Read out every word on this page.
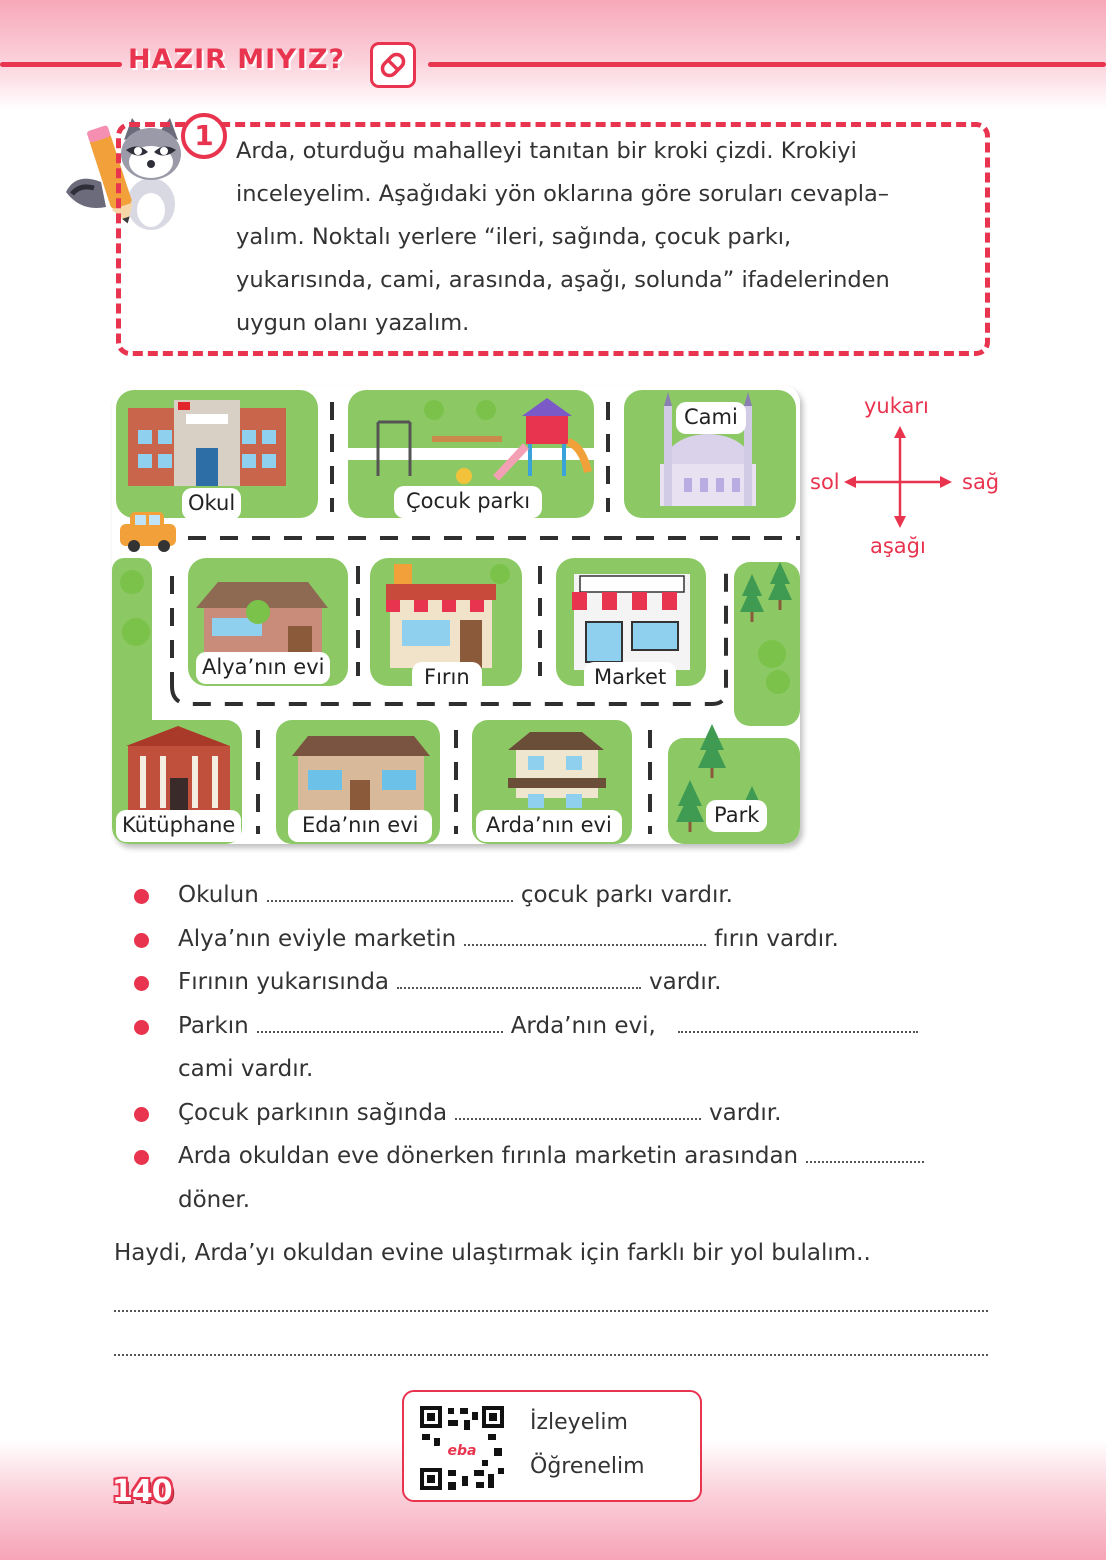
HAZIR MIYIZ?
1 Arda, oturduğu mahalleyi tanıtan bir kroki çizdi. Krokiyi
inceleyelim. Aşağıdaki yön oklarına göre soruları cevapla–
yalım. Noktalı yerlere “ileri, sağında, çocuk parkı,
yukarısında, cami, arasında, aşağı, solunda” ifadelerinden
uygun olanı yazalım.
Okul	Çocuk parkı
Cami
Alya’nın evi	Fırın	Market
Kütüphane	Eda’nın evi	Arda’nın evi	Park
yukarı
aşağı
sol	sağ
Okulun	çocuk parkı vardır.
Alya’nın eviyle marketin	fırın vardır.
Fırının yukarısında	vardır.
Parkın	Arda’nın evi,
cami vardır.
Çocuk parkının sağında	vardır.
Arda okuldan eve dönerken fırınla marketin arasından
döner.
Haydi, Arda’yı okuldan evine ulaştırmak için farklı bir yol bulalım..
eba
İzleyelim
Öğrenelim
140
